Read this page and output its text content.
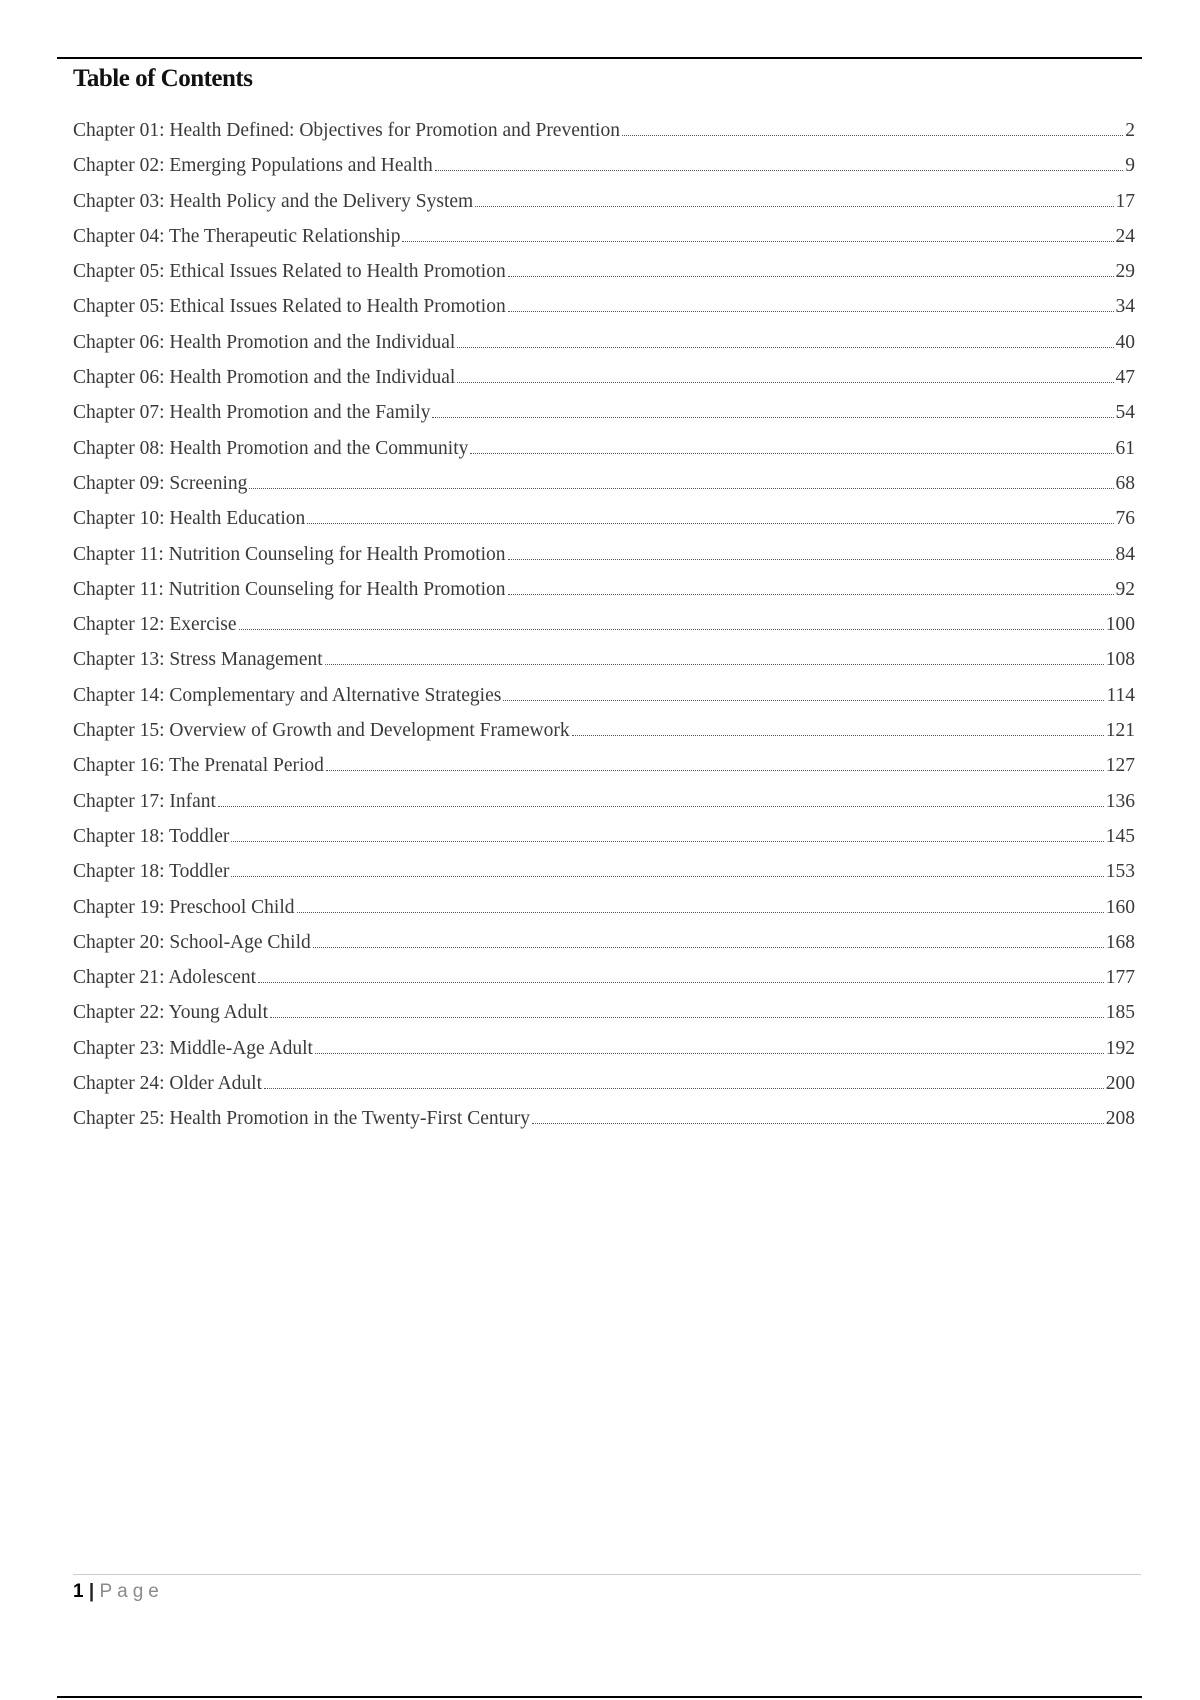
Table of Contents
Chapter 01: Health Defined: Objectives for Promotion and Prevention	2
Chapter 02: Emerging Populations and Health	9
Chapter 03: Health Policy and the Delivery System	17
Chapter 04: The Therapeutic Relationship	24
Chapter 05: Ethical Issues Related to Health Promotion	29
Chapter 05: Ethical Issues Related to Health Promotion	34
Chapter 06: Health Promotion and the Individual	40
Chapter 06: Health Promotion and the Individual	47
Chapter 07: Health Promotion and the Family	54
Chapter 08: Health Promotion and the Community	61
Chapter 09: Screening	68
Chapter 10: Health Education	76
Chapter 11: Nutrition Counseling for Health Promotion	84
Chapter 11: Nutrition Counseling for Health Promotion	92
Chapter 12: Exercise	100
Chapter 13: Stress Management	108
Chapter 14: Complementary and Alternative Strategies	114
Chapter 15: Overview of Growth and Development Framework	121
Chapter 16: The Prenatal Period	127
Chapter 17: Infant	136
Chapter 18: Toddler	145
Chapter 18: Toddler	153
Chapter 19: Preschool Child	160
Chapter 20: School-Age Child	168
Chapter 21: Adolescent	177
Chapter 22: Young Adult	185
Chapter 23: Middle-Age Adult	192
Chapter 24: Older Adult	200
Chapter 25: Health Promotion in the Twenty-First Century	208
1 | Page
